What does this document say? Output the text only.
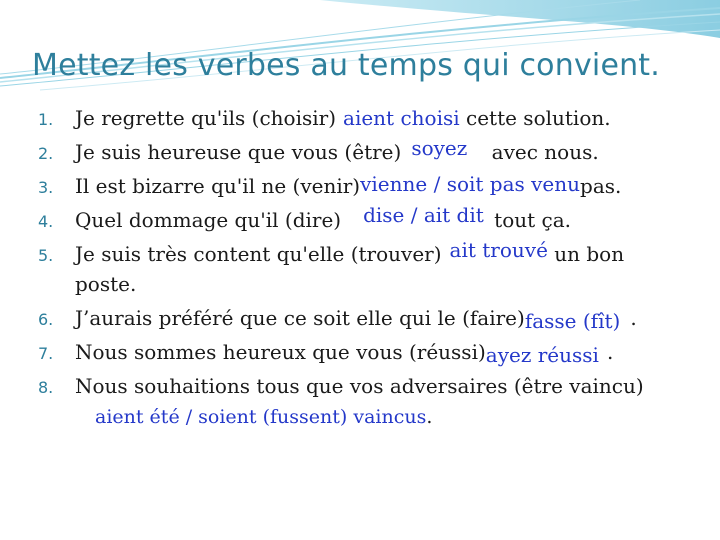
Mettez les verbes au temps qui convient.
1.	Je regrette qu'ils (choisir) aient choisi cette solution.
2.	Je suis heureuse que vous (être) soyez avec nous.
3.	Il est bizarre qu'il ne (venir)vienne / soit pas venupas.
4.	Quel dommage qu'il (dire) dise / ait dit tout ça.
5.	Je suis très content qu'elle (trouver) ait trouvé un bon
poste.
6.	J’aurais préféré que ce soit elle qui le (faire)fasse (fît) .
7.	Nous sommes heureux que vous (réussi)ayez réussi .
8.	Nous souhaitions tous que vos adversaires (être vaincu)
aient été / soient (fussent) vaincus.
